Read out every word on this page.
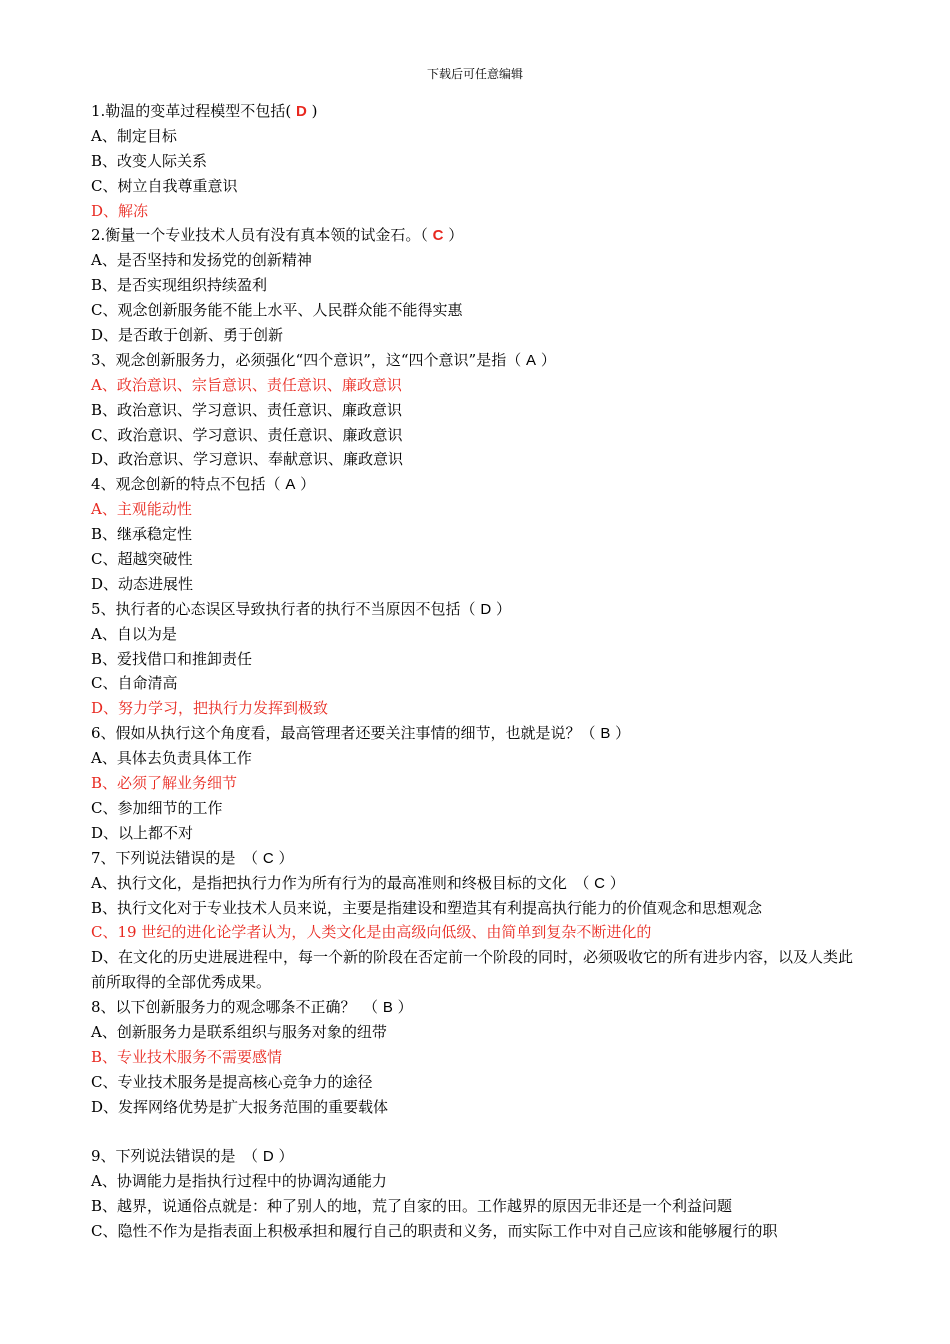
下载后可任意编辑
1.勒温的变革过程模型不包括( D )
A、制定目标
B、改变人际关系
C、树立自我尊重意识
D、解冻
2.衡量一个专业技术人员有没有真本领的试金石。（ C ）
A、是否坚持和发扬党的创新精神
B、是否实现组织持续盈利
C、观念创新服务能不能上水平、人民群众能不能得实惠
D、是否敢于创新、勇于创新
3、观念创新服务力，必须强化“四个意识”，这“四个意识”是指（ A ）
A、政治意识、宗旨意识、责任意识、廉政意识
B、政治意识、学习意识、责任意识、廉政意识
C、政治意识、学习意识、责任意识、廉政意识
D、政治意识、学习意识、奉献意识、廉政意识
4、观念创新的特点不包括（ A ）
A、主观能动性
B、继承稳定性
C、超越突破性
D、动态进展性
5、执行者的心态误区导致执行者的执行不当原因不包括（ D ）
A、自以为是
B、爱找借口和推卸责任
C、自命清高
D、努力学习，把执行力发挥到极致
6、假如从执行这个角度看，最高管理者还要关注事情的细节，也就是说？（ B ）
A、具体去负责具体工作
B、必须了解业务细节
C、参加细节的工作
D、以上都不对
7、下列说法错误的是　（ C ）
A、执行文化，是指把执行力作为所有行为的最高准则和终极目标的文化　（ C ）
B、执行文化对于专业技术人员来说，主要是指建设和塑造其有利提高执行能力的价值观念和思想观念
C、19 世纪的进化论学者认为，人类文化是由高级向低级、由简单到复杂不断进化的
D、在文化的历史进展进程中，每一个新的阶段在否定前一个阶段的同时，必须吸收它的所有进步内容，以及人类此前所取得的全部优秀成果。
8、以下创新服务力的观念哪条不正确？　（ B ）
A、创新服务力是联系组织与服务对象的纽带
B、专业技术服务不需要感情
C、专业技术服务是提高核心竞争力的途径
D、发挥网络优势是扩大报务范围的重要载体
9、下列说法错误的是　（ D ）
A、协调能力是指执行过程中的协调沟通能力
B、越界，说通俗点就是：种了别人的地，荒了自家的田。工作越界的原因无非还是一个利益问题
C、隐性不作为是指表面上积极承担和履行自己的职责和义务，而实际工作中对自己应该和能够履行的职
